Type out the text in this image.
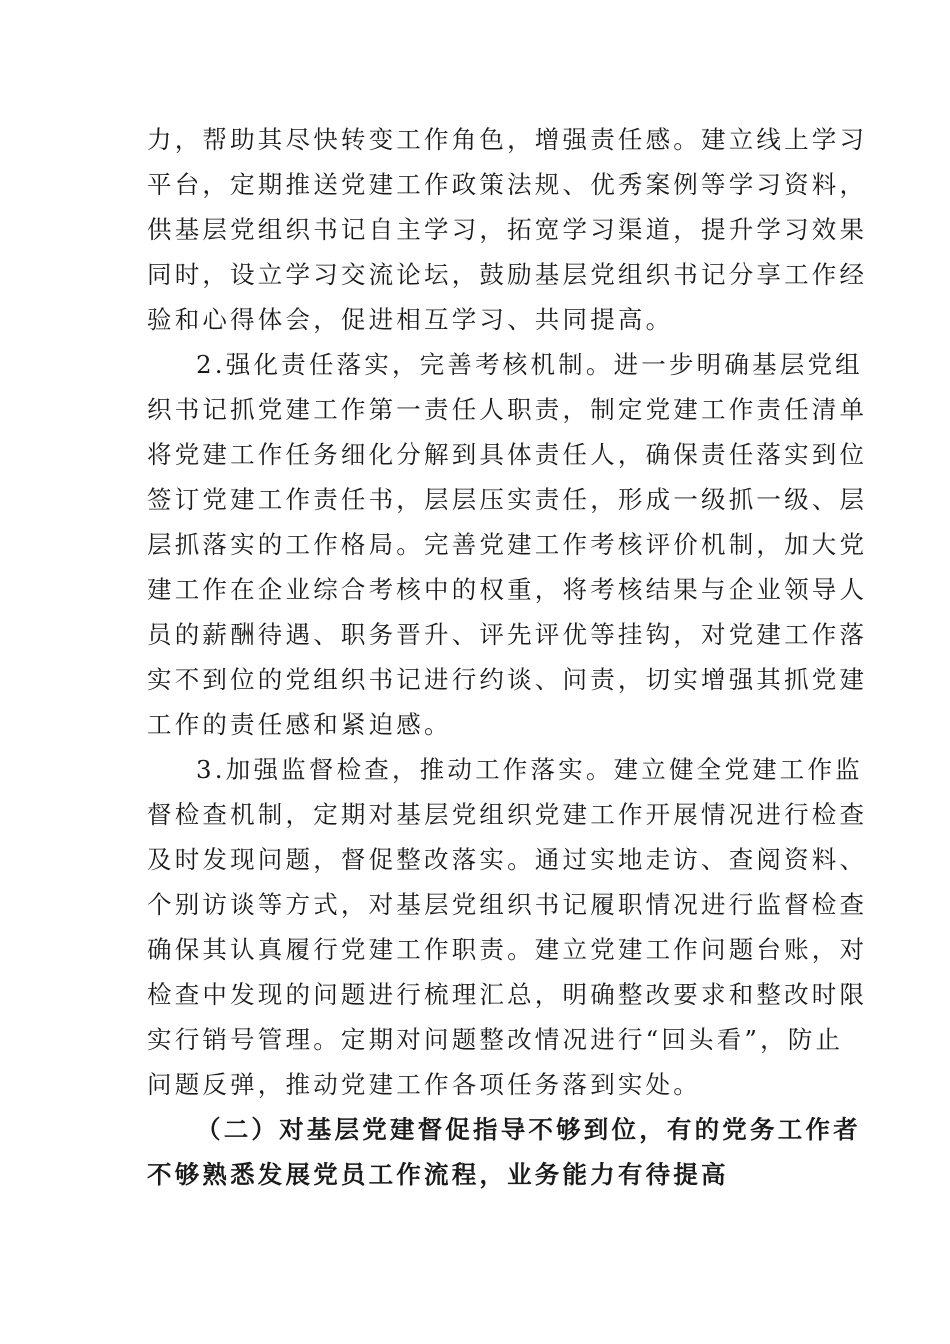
力，帮助其尽快转变工作角色，增强责任感。建立线上学习
平台，定期推送党建工作政策法规、优秀案例等学习资料，
供基层党组织书记自主学习，拓宽学习渠道，提升学习效果
同时，设立学习交流论坛，鼓励基层党组织书记分享工作经
验和心得体会，促进相互学习、共同提高。
2.强化责任落实，完善考核机制。进一步明确基层党组
织书记抓党建工作第一责任人职责，制定党建工作责任清单
将党建工作任务细化分解到具体责任人，确保责任落实到位
签订党建工作责任书，层层压实责任，形成一级抓一级、层
层抓落实的工作格局。完善党建工作考核评价机制，加大党
建工作在企业综合考核中的权重，将考核结果与企业领导人
员的薪酬待遇、职务晋升、评先评优等挂钩，对党建工作落
实不到位的党组织书记进行约谈、问责，切实增强其抓党建
工作的责任感和紧迫感。
3.加强监督检查，推动工作落实。建立健全党建工作监
督检查机制，定期对基层党组织党建工作开展情况进行检查
及时发现问题，督促整改落实。通过实地走访、查阅资料、
个别访谈等方式，对基层党组织书记履职情况进行监督检查
确保其认真履行党建工作职责。建立党建工作问题台账，对
检查中发现的问题进行梳理汇总，明确整改要求和整改时限
实行销号管理。定期对问题整改情况进行“回头看”，防止
问题反弹，推动党建工作各项任务落到实处。
（二）对基层党建督促指导不够到位，有的党务工作者
不够熟悉发展党员工作流程，业务能力有待提高
